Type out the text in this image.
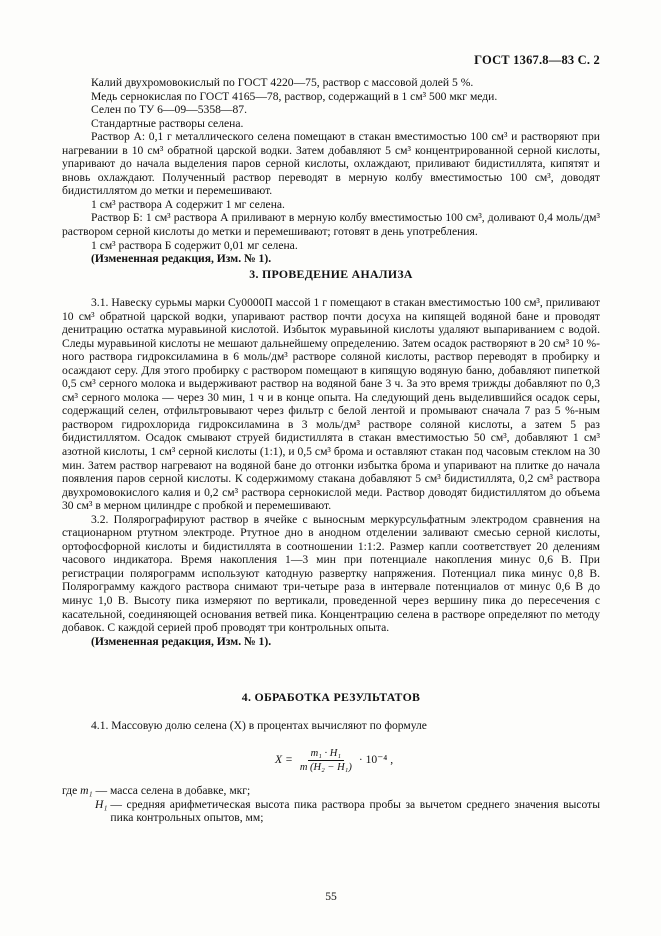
ГОСТ 1367.8—83 С. 2

Калий двухромовокислый по ГОСТ 4220—75, раствор с массовой долей 5 %.

Медь сернокислая по ГОСТ 4165—78, раствор, содержащий в 1 см³ 500 мкг меди.

Селен по ТУ 6—09—5358—87.

Стандартные растворы селена.

Раствор А: 0,1 г металлического селена помещают в стакан вместимостью 100 см³ и растворяют при нагревании в 10 см³ обратной царской водки. Затем добавляют 5 см³ концентрированной серной кислоты, упаривают до начала выделения паров серной кислоты, охлаждают, приливают бидистиллята, кипятят и вновь охлаждают. Полученный раствор переводят в мерную колбу вместимостью 100 см³, доводят бидистиллятом до метки и перемешивают.

1 см³ раствора А содержит 1 мг селена.

Раствор Б: 1 см³ раствора А приливают в мерную колбу вместимостью 100 см³, доливают 0,4 моль/дм³ раствором серной кислоты до метки и перемешивают; готовят в день употребления.

1 см³ раствора Б содержит 0,01 мг селена.

(Измененная редакция, Изм. № 1).

3. ПРОВЕДЕНИЕ АНАЛИЗА

3.1. Навеску сурьмы марки Су0000П массой 1 г помещают в стакан вместимостью 100 см³, приливают 10 см³ обратной царской водки, упаривают раствор почти досуха на кипящей водяной бане и проводят денитрацию остатка муравьиной кислотой. Избыток муравьиной кислоты удаляют выпариванием с водой. Следы муравьиной кислоты не мешают дальнейшему определению. Затем осадок растворяют в 20 см³ 10 %-ного раствора гидроксиламина в 6 моль/дм³ растворе соляной кислоты, раствор переводят в пробирку и осаждают серу. Для этого пробирку с раствором помещают в кипящую водяную баню, добавляют пипеткой 0,5 см³ серного молока и выдерживают раствор на водяной бане 3 ч. За это время трижды добавляют по 0,3 см³ серного молока — через 30 мин, 1 ч и в конце опыта. На следующий день выделившийся осадок серы, содержащий селен, отфильтровывают через фильтр с белой лентой и промывают сначала 7 раз 5 %-ным раствором гидрохлорида гидроксиламина в 3 моль/дм³ растворе соляной кислоты, а затем 5 раз бидистиллятом. Осадок смывают струей бидистиллята в стакан вместимостью 50 см³, добавляют 1 см³ азотной кислоты, 1 см³ серной кислоты (1:1), и 0,5 см³ брома и оставляют стакан под часовым стеклом на 30 мин. Затем раствор нагревают на водяной бане до отгонки избытка брома и упаривают на плитке до начала появления паров серной кислоты. К содержимому стакана добавляют 5 см³ бидистиллята, 0,2 см³ раствора двухромовокислого калия и 0,2 см³ раствора сернокислой меди. Раствор доводят бидистиллятом до объема 30 см³ в мерном цилиндре с пробкой и перемешивают.

3.2. Полярографируют раствор в ячейке с выносным меркурсульфатным электродом сравнения на стационарном ртутном электроде. Ртутное дно в анодном отделении заливают смесью серной кислоты, ортофосфорной кислоты и бидистиллята в соотношении 1:1:2. Размер капли соответствует 20 делениям часового индикатора. Время накопления 1—3 мин при потенциале накопления минус 0,6 В. При регистрации полярограмм используют катодную развертку напряжения. Потенциал пика минус 0,8 В. Полярограмму каждого раствора снимают три-четыре раза в интервале потенциалов от минус 0,6 В до минус 1,0 В. Высоту пика измеряют по вертикали, проведенной через вершину пика до пересечения с касательной, соединяющей основания ветвей пика. Концентрацию селена в растворе определяют по методу добавок. С каждой серией проб проводят три контрольных опыта.

(Измененная редакция, Изм. № 1).

4. ОБРАБОТКА РЕЗУЛЬТАТОВ

4.1. Массовую долю селена (X) в процентах вычисляют по формуле

$X = \frac{\text{m₁ · H₁}}{\text{m (H₂ − H₁)}} \cdot 10^{-4}$ ,
где m₁ — масса селена в добавке, мкг;
H₁ — средняя арифметическая высота пика раствора пробы за вычетом среднего значения высоты пика контрольных опытов, мм;
55
